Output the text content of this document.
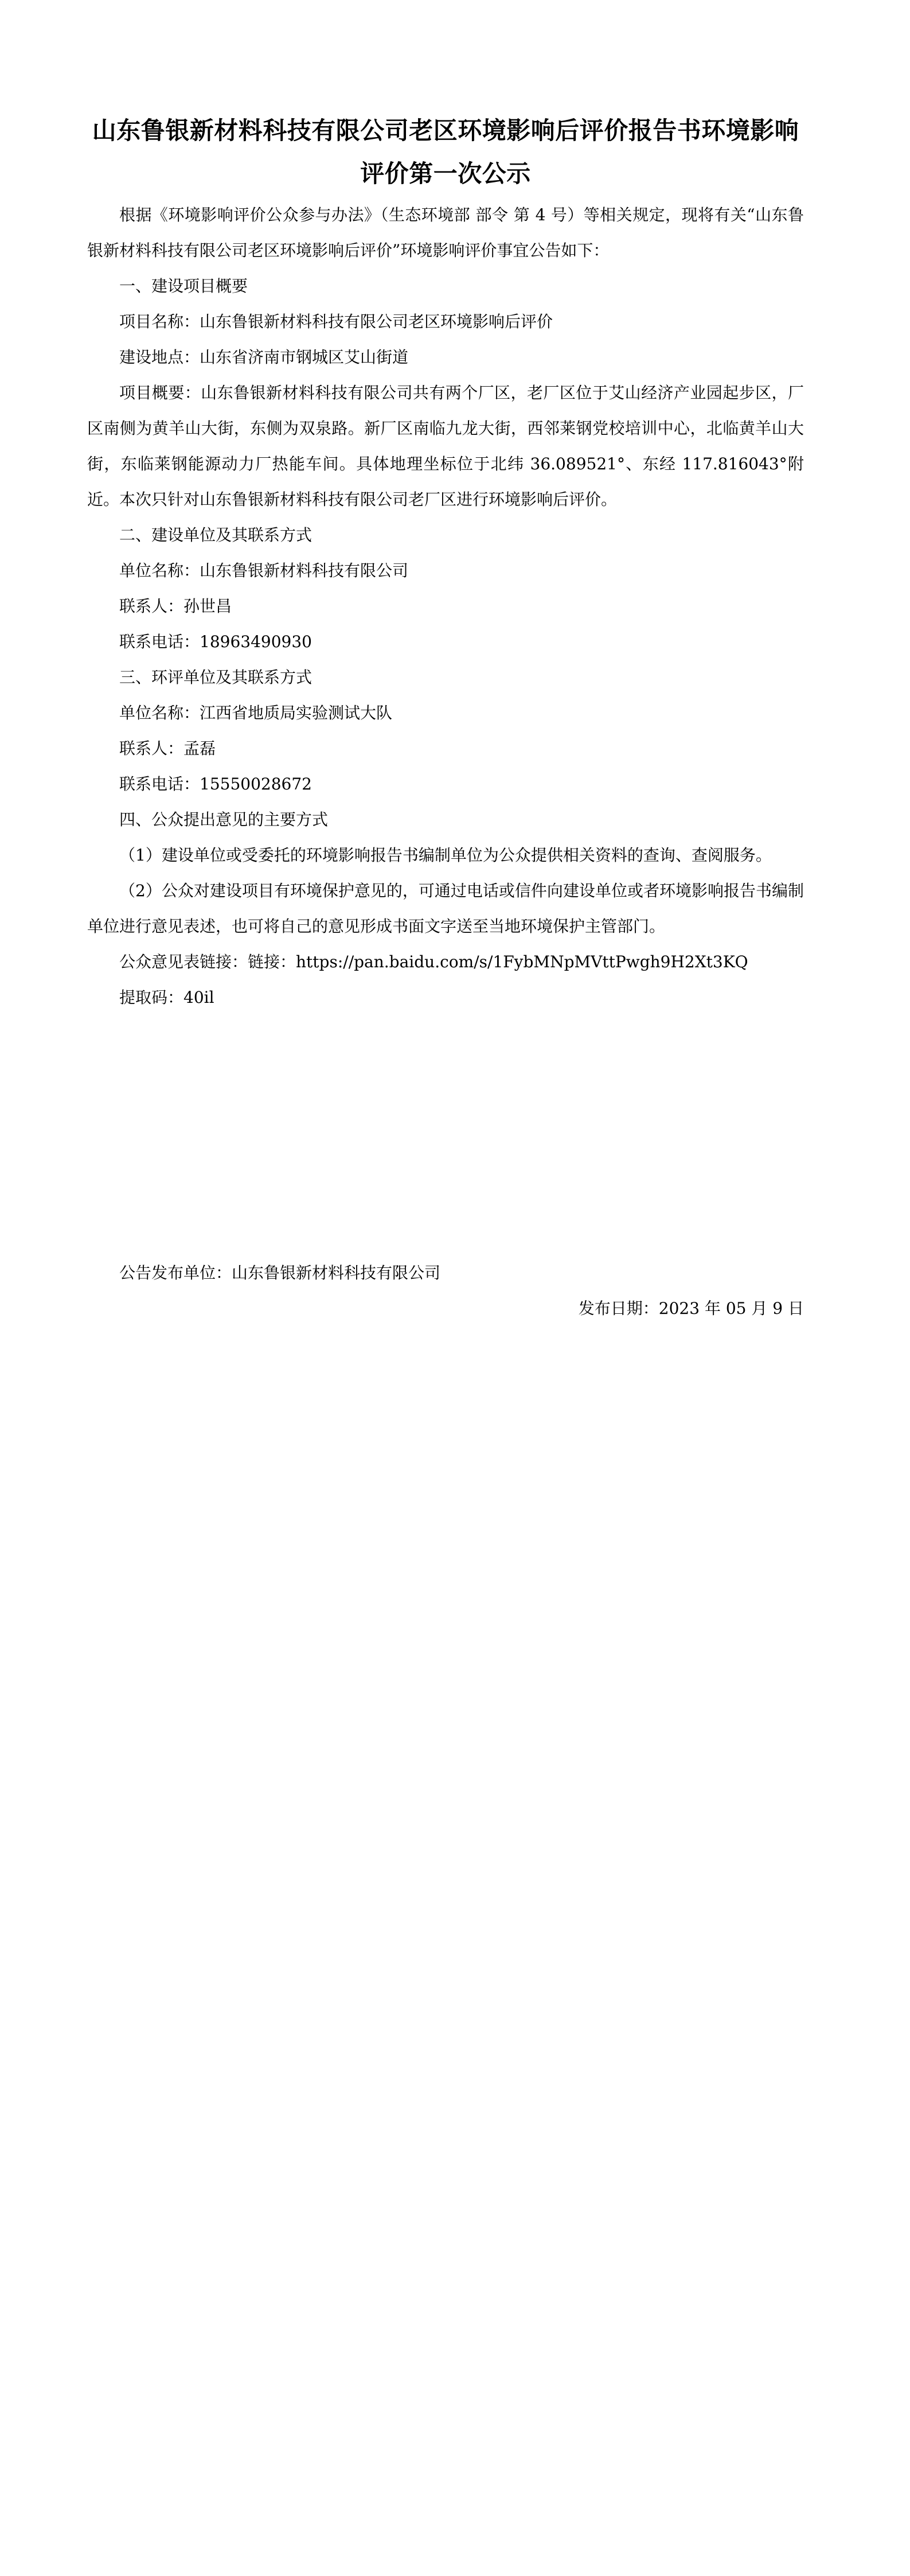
山东鲁银新材料科技有限公司老区环境影响后评价报告书环境影响评价第一次公示

根据《环境影响评价公众参与办法》（生态环境部 部令 第 4 号）等相关规定，现将有关“山东鲁银新材料科技有限公司老区环境影响后评价”环境影响评价事宜公告如下：

一、建设项目概要

项目名称：山东鲁银新材料科技有限公司老区环境影响后评价

建设地点：山东省济南市钢城区艾山街道

项目概要：山东鲁银新材料科技有限公司共有两个厂区，老厂区位于艾山经济产业园起步区，厂区南侧为黄羊山大街，东侧为双泉路。新厂区南临九龙大街，西邻莱钢党校培训中心，北临黄羊山大街，东临莱钢能源动力厂热能车间。具体地理坐标位于北纬 36.089521°、东经 117.816043°附近。本次只针对山东鲁银新材料科技有限公司老厂区进行环境影响后评价。

二、建设单位及其联系方式

单位名称：山东鲁银新材料科技有限公司

联系人：孙世昌

联系电话：18963490930

三、环评单位及其联系方式

单位名称：江西省地质局实验测试大队

联系人：孟磊

联系电话：15550028672

四、公众提出意见的主要方式

（1）建设单位或受委托的环境影响报告书编制单位为公众提供相关资料的查询、查阅服务。

（2）公众对建设项目有环境保护意见的，可通过电话或信件向建设单位或者环境影响报告书编制单位进行意见表述，也可将自己的意见形成书面文字送至当地环境保护主管部门。

公众意见表链接：链接：https://pan.baidu.com/s/1FybMNpMVttPwgh9H2Xt3KQ

提取码：40il

公告发布单位：山东鲁银新材料科技有限公司

发布日期：2023 年 05 月 9 日
